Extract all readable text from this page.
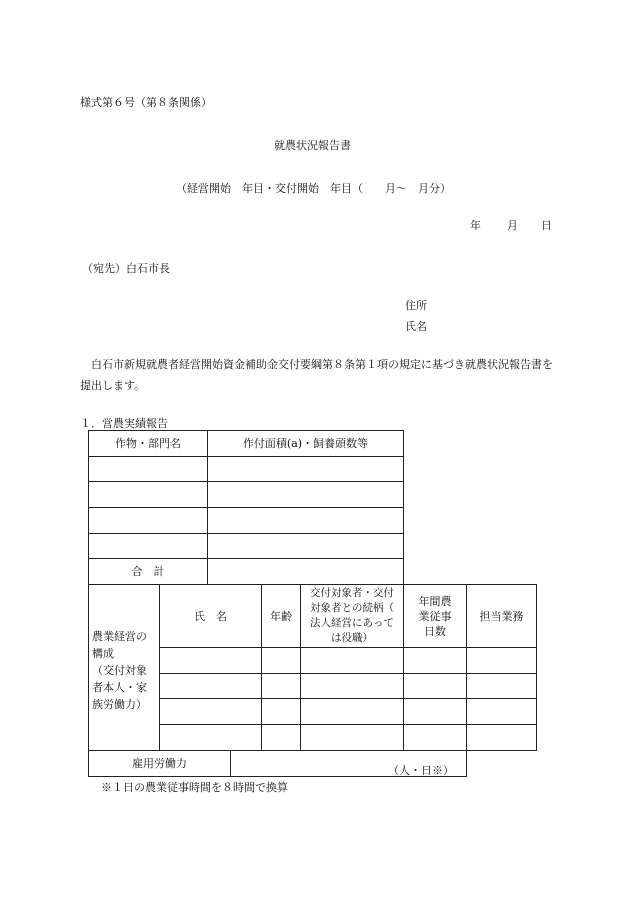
様式第６号（第８条関係）
就農状況報告書
（経営開始　年目・交付開始　年目（　　月～　月分）
年 月 日
（宛先）白石市長
住所
氏名
白石市新規就農者経営開始資金補助金交付要綱第８条第１項の規定に基づき就農状況報告書を提出します。
１．営農実績報告
作物・部門名	作付面積(a)・飼養頭数等
合　計
農業経営の
構成
（交付対象
者本人・家
族労働力）
氏　名	年齢
交付対象者・交付
対象者との続柄（
法人経営にあって
は役職）
年間農
業従事
日数
担当業務
雇用労働力
（人・日※）
※１日の農業従事時間を８時間で換算
